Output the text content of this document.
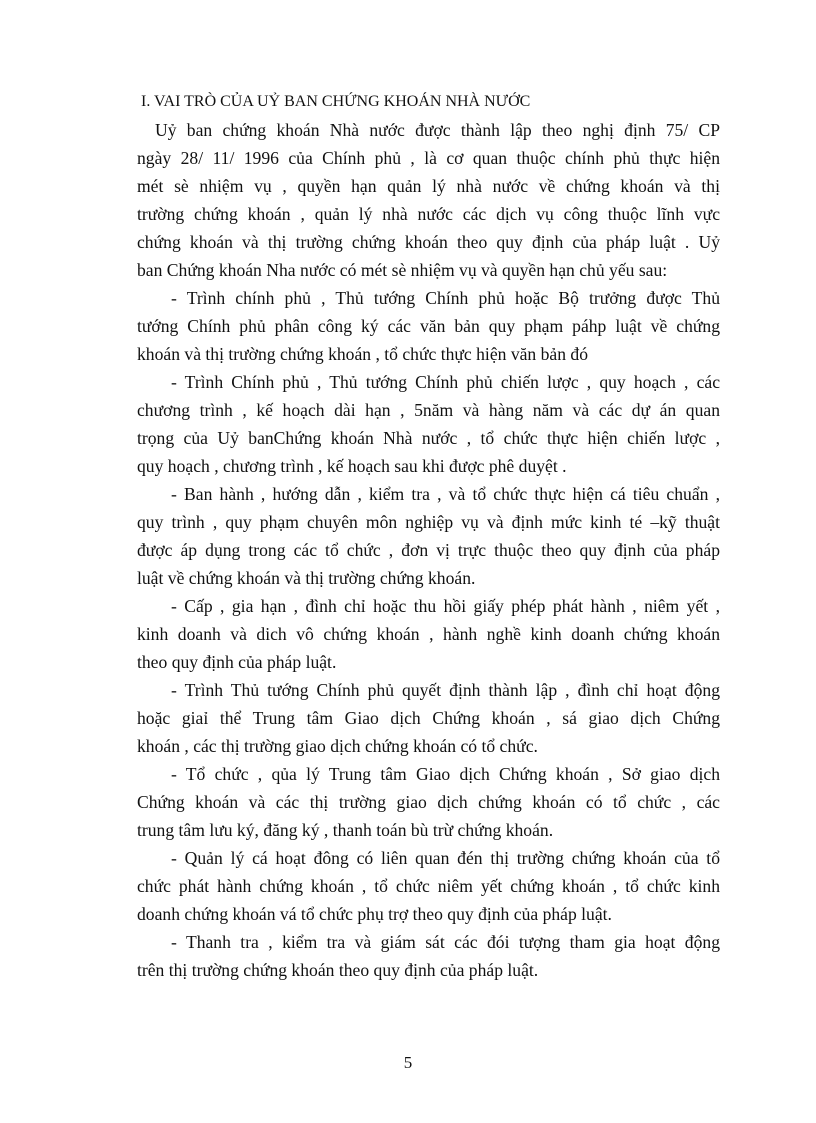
I. VAI TRÒ CỦA UỶ BAN CHỨNG KHOÁN NHÀ NƯỚC
Uỷ ban chứng khoán Nhà nước được thành lập theo nghị định 75/ CP
ngày 28/ 11/ 1996 của Chính phủ , là cơ quan thuộc chính phủ thực hiện
mét sè nhiệm vụ , quyền hạn quản lý nhà nước về chứng khoán và thị
trường chứng khoán , quản lý nhà nước các dịch vụ công thuộc lĩnh vực
chứng khoán và thị trường chứng khoán theo quy định của pháp luật . Uỷ
ban Chứng khoán Nha nước có mét sè nhiệm vụ và quyền hạn chủ yếu sau:
- Trình chính phủ , Thủ tướng Chính phủ hoặc Bộ trưởng được Thủ
tướng Chính phủ phân công ký các văn bản quy phạm páhp luật về chứng
khoán và thị trường chứng khoán , tổ chức thực hiện văn bản đó
- Trình Chính phủ , Thủ tướng Chính phủ chiến lược , quy hoạch , các
chương trình , kế hoạch dài hạn , 5năm và hàng năm và các dự án quan
trọng của Uỷ banChứng khoán Nhà nước , tổ chức thực hiện chiến lược ,
quy hoạch , chương trình , kế hoạch sau khi được phê duyệt .
- Ban hành , hướng dẫn , kiểm tra , và tổ chức thực hiện cá tiêu chuẩn ,
quy trình , quy phạm chuyên môn nghiệp vụ và định mức kinh té –kỹ thuật
được áp dụng trong các tổ chức , đơn vị trực thuộc theo quy định của pháp
luật về chứng khoán và thị trường chứng khoán.
- Cấp , gia hạn , đình chỉ hoặc thu hồi giấy phép phát hành , niêm yết ,
kinh doanh và dich vô chứng khoán , hành nghề kinh doanh chứng khoán
theo quy định của pháp luật.
- Trình Thủ tướng Chính phủ quyết định thành lập , đình chỉ hoạt động
hoặc giaỉ thể Trung tâm Giao dịch Chứng khoán , sá giao dịch Chứng
khoán , các thị trường giao dịch chứng khoán có tổ chức.
- Tổ chức , qủa lý Trung tâm Giao dịch Chứng khoán , Sở giao dịch
Chứng khoán và các thị trường giao dịch chứng khoán có tổ chức , các
trung tâm lưu ký, đăng ký , thanh toán bù trừ chứng khoán.
- Quản lý cá hoạt đông có liên quan đén thị trường chứng khoán của tổ
chức phát hành chứng khoán , tổ chức niêm yết chứng khoán , tổ chức kinh
doanh chứng khoán vá tổ chức phụ trợ theo quy định của pháp luật.
- Thanh tra , kiểm tra và giám sát các đói tượng tham gia hoạt động
trên thị trường chứng khoán theo quy định của pháp luật.
5
